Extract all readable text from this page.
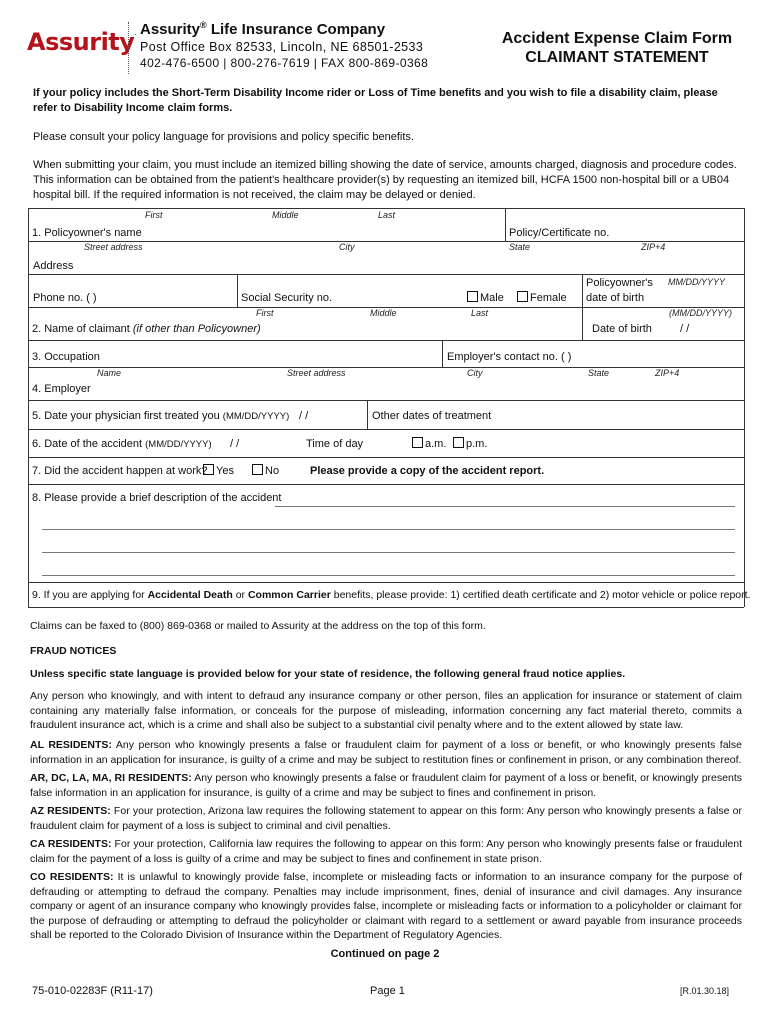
Assurity. Assurity® Life Insurance Company
Post Office Box 82533, Lincoln, NE 68501-2533
402-476-6500 | 800-276-7619 | FAX 800-869-0368
Accident Expense Claim Form
CLAIMANT STATEMENT
If your policy includes the Short-Term Disability Income rider or Loss of Time benefits and you wish to file a disability claim, please refer to Disability Income claim forms.
Please consult your policy language for provisions and policy specific benefits.
When submitting your claim, you must include an itemized billing showing the date of service, amounts charged, diagnosis and procedure codes. This information can be obtained from the patient's healthcare provider(s) by requesting an itemized bill, HCFA 1500 non-hospital bill or a UB04 hospital bill. If the required information is not received, the claim may be delayed or denied.
First	Middle	Last
1. Policyowner's name	Policy/Certificate no.
Street address	City	State	ZIP+4
Address
Phone no. ( )	Social Security no.	Male	Female
Policyowner's
date of birth
MM/DD/YYYY
First	Middle	Last	(MM/DD/YYYY)
2. Name of claimant (if other than Policyowner)	Date of birth	/ /
3. Occupation	Employer's contact no. ( )
Name	Street address	City	State	ZIP+4
4. Employer
5. Date your physician first treated you (MM/DD/YYYY) / /	Other dates of treatment
6. Date of the accident (MM/DD/YYYY) / /	Time of day	a.m.	p.m.
7. Did the accident happen at work? Yes	No	Please provide a copy of the accident report.
8. Please provide a brief description of the accident
9. If you are applying for Accidental Death or Common Carrier benefits, please provide: 1) certified death certificate and 2) motor vehicle or police report.
Claims can be faxed to (800) 869-0368 or mailed to Assurity at the address on the top of this form.
FRAUD NOTICES
Unless specific state language is provided below for your state of residence, the following general fraud notice applies.
Any person who knowingly, and with intent to defraud any insurance company or other person, files an application for insurance or statement of claim containing any materially false information, or conceals for the purpose of misleading, information concerning any fact material thereto, commits a fraudulent insurance act, which is a crime and shall also be subject to a substantial civil penalty where and to the extent allowed by state law.
AL RESIDENTS: Any person who knowingly presents a false or fraudulent claim for payment of a loss or benefit, or who knowingly presents false information in an application for insurance, is guilty of a crime and may be subject to restitution fines or confinement in prison, or any combination thereof.
AR, DC, LA, MA, RI RESIDENTS: Any person who knowingly presents a false or fraudulent claim for payment of a loss or benefit, or knowingly presents false information in an application for insurance, is guilty of a crime and may be subject to fines and confinement in prison.
AZ RESIDENTS: For your protection, Arizona law requires the following statement to appear on this form: Any person who knowingly presents a false or fraudulent claim for payment of a loss is subject to criminal and civil penalties.
CA RESIDENTS: For your protection, California law requires the following to appear on this form: Any person who knowingly presents false or fraudulent claim for the payment of a loss is guilty of a crime and may be subject to fines and confinement in state prison.
CO RESIDENTS: It is unlawful to knowingly provide false, incomplete or misleading facts or information to an insurance company for the purpose of defrauding or attempting to defraud the company. Penalties may include imprisonment, fines, denial of insurance and civil damages. Any insurance company or agent of an insurance company who knowingly provides false, incomplete or misleading facts or information to a policyholder or claimant for the purpose of defrauding or attempting to defraud the policyholder or claimant with regard to a settlement or award payable from insurance proceeds shall be reported to the Colorado Division of Insurance within the Department of Regulatory Agencies.
Continued on page 2
75-010-02283F (R11-17)	Page 1	[R.01.30.18]
